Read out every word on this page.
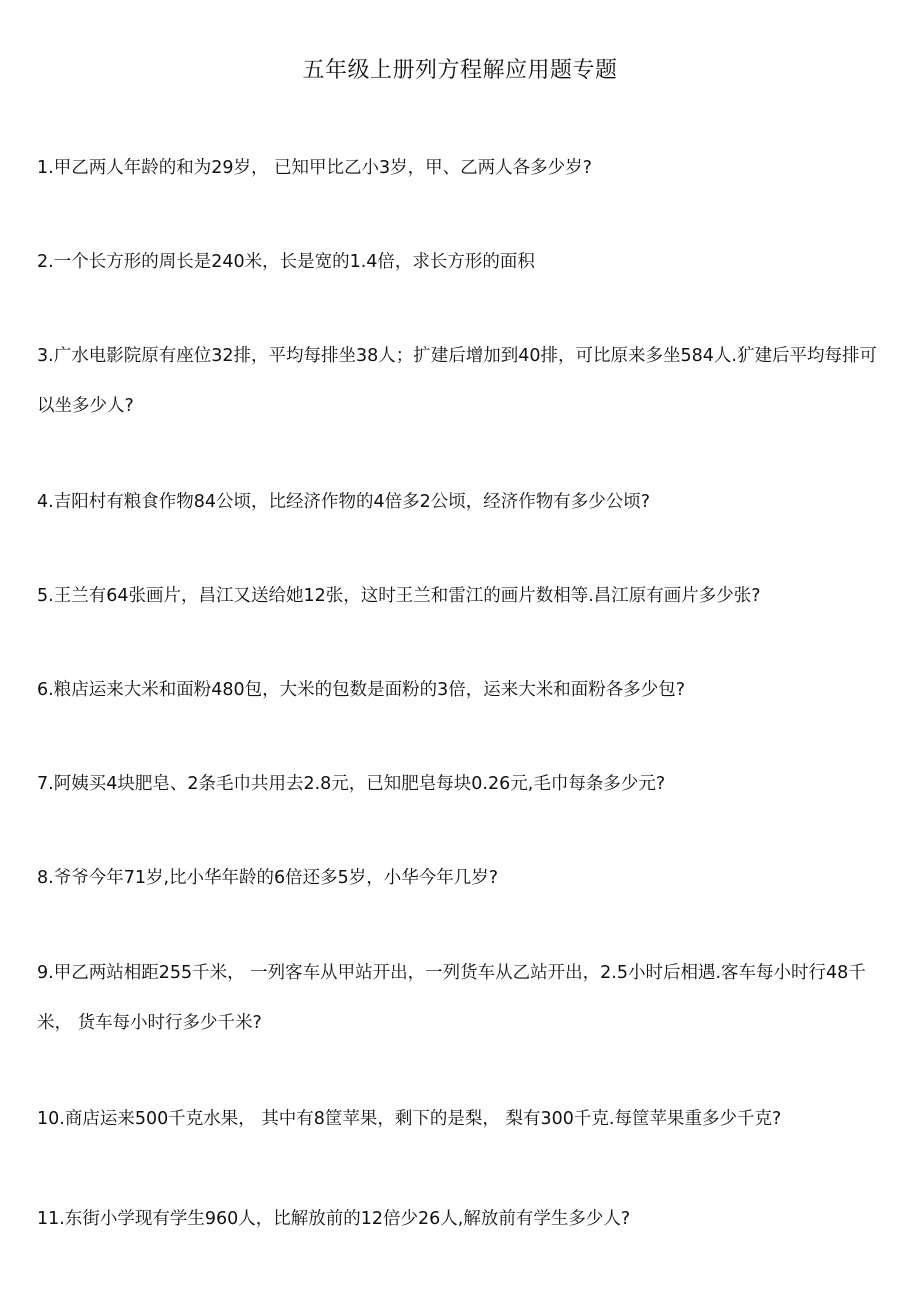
五年级上册列方程解应用题专题

1.甲乙两人年龄的和为29岁， 已知甲比乙小3岁，甲、乙两人各多少岁?

2.一个长方形的周长是240米，长是宽的1.4倍，求长方形的面积

3.广水电影院原有座位32排，平均每排坐38人；扩建后增加到40排，可比原来多坐584人.犷建后平均每排可以坐多少人?

4.吉阳村有粮食作物84公顷，比经济作物的4倍多2公顷，经济作物有多少公顷?

5.王兰有64张画片，昌江又送给她12张，这时王兰和雷江的画片数相等.昌江原有画片多少张?

6.粮店运来大米和面粉480包，大米的包数是面粉的3倍，运来大米和面粉各多少包?

7.阿姨买4块肥皂、2条毛巾共用去2.8元，已知肥皂每块0.26元,毛巾每条多少元?

8.爷爷今年71岁,比小华年龄的6倍还多5岁，小华今年几岁?

9.甲乙两站相距255千米， 一列客车从甲站开出，一列货车从乙站开出，2.5小时后相遇.客车每小时行48千米， 货车每小时行多少千米?

10.商店运来500千克水果， 其中有8筐苹果，剩下的是梨， 梨有300千克.每筐苹果重多少千克?

11.东街小学现有学生960人，比解放前的12倍少26人,解放前有学生多少人?
